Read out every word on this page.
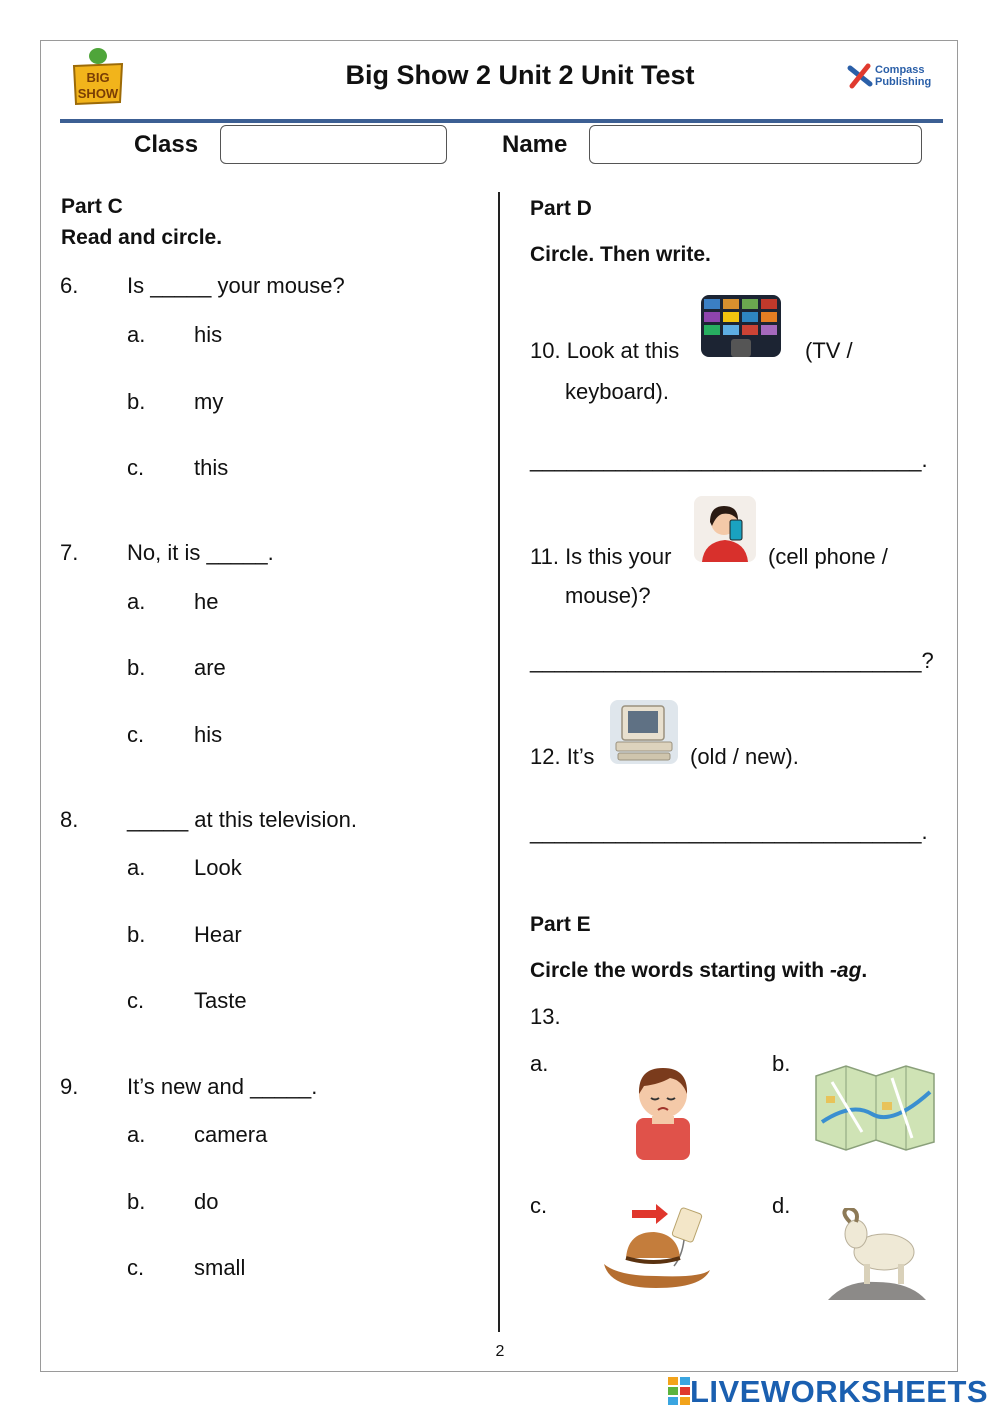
BIG
SHOW
Big Show 2 Unit 2 Unit Test	Compass
Publishing
Class	Name
Part C
Read and circle.
6. Is _____ your mouse?
a. his
b. my
c. this
7. No, it is _____.
a. he
b. are
c. his
8. _____ at this television.
a. Look
b. Hear
c. Taste
9. It’s new and _____.
a. camera
b. do
c. small
Part D
Circle. Then write.
10. Look at this	(TV /
keyboard).
________________________________.
11. Is this your	(cell phone /
mouse)?
________________________________?
12. It’s	(old / new).
________________________________.
Part E
Circle the words starting with -ag.
13.
a.	b.
c.	d.
2
LIVEWORKSHEETS
